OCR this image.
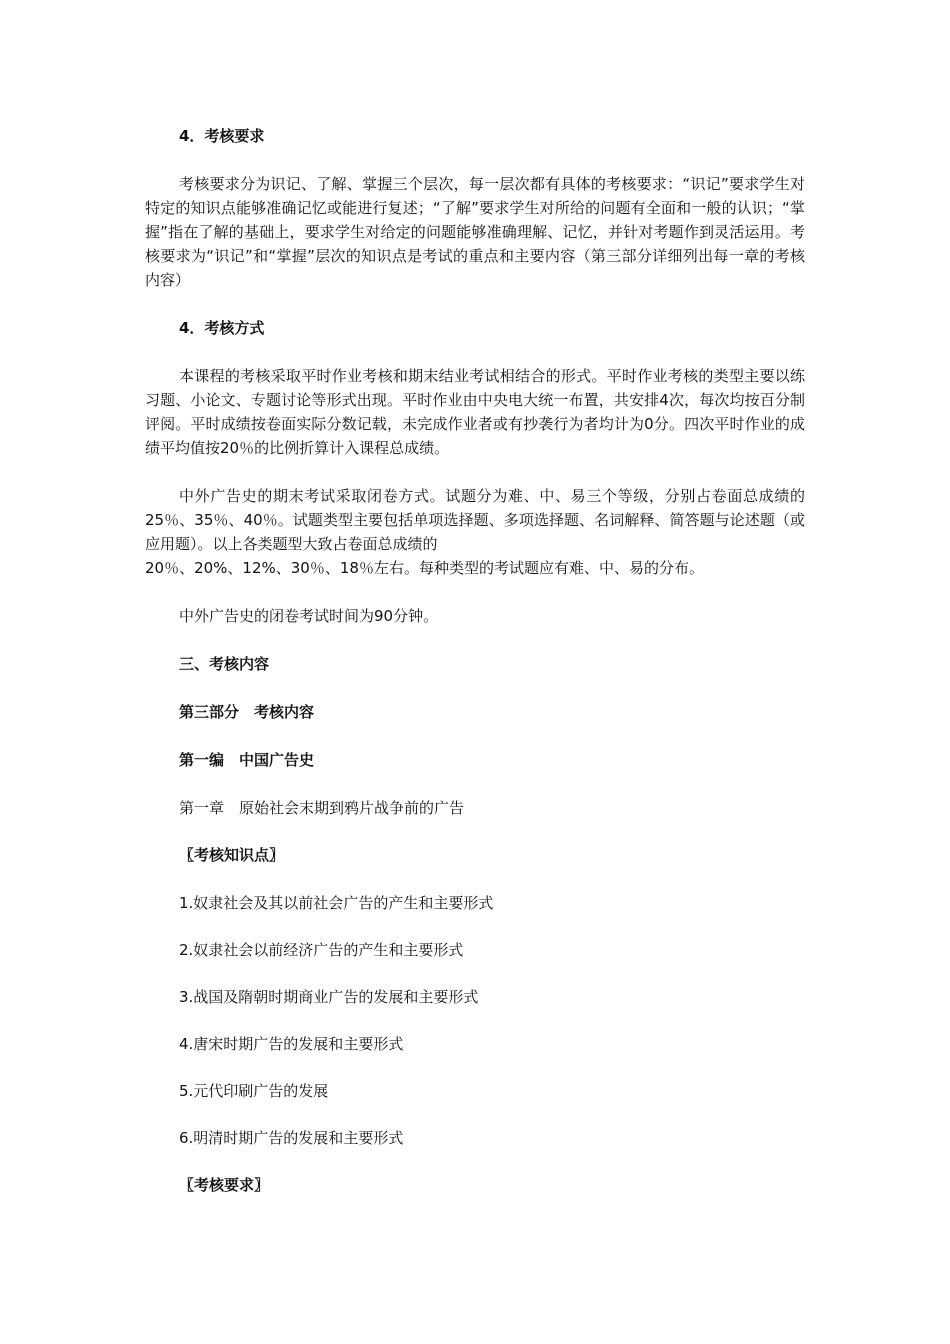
4．考核要求

考核要求分为识记、了解、掌握三个层次，每一层次都有具体的考核要求：“识记”要求学生对特定的知识点能够准确记忆或能进行复述；“了解”要求学生对所给的问题有全面和一般的认识；“掌握”指在了解的基础上，要求学生对给定的问题能够准确理解、记忆，并针对考题作到灵活运用。考核要求为“识记”和“掌握”层次的知识点是考试的重点和主要内容（第三部分详细列出每一章的考核内容）

4．考核方式

本课程的考核采取平时作业考核和期末结业考试相结合的形式。平时作业考核的类型主要以练习题、小论文、专题讨论等形式出现。平时作业由中央电大统一布置，共安排4次，每次均按百分制评阅。平时成绩按卷面实际分数记载，未完成作业者或有抄袭行为者均计为0分。四次平时作业的成绩平均值按20％的比例折算计入课程总成绩。

中外广告史的期末考试采取闭卷方式。试题分为难、中、易三个等级，分别占卷面总成绩的25％、35％、40％。试题类型主要包括单项选择题、多项选择题、名词解释、简答题与论述题（或应用题）。以上各类题型大致占卷面总成绩的
20％、20%、12%、30％、18％左右。每种类型的考试题应有难、中、易的分布。

中外广告史的闭卷考试时间为90分钟。

三、考核内容
第三部分　考核内容
第一编　中国广告史
第一章　原始社会末期到鸦片战争前的广告
〖考核知识点〗
1.奴隶社会及其以前社会广告的产生和主要形式
2.奴隶社会以前经济广告的产生和主要形式
3.战国及隋朝时期商业广告的发展和主要形式
4.唐宋时期广告的发展和主要形式
5.元代印刷广告的发展
6.明清时期广告的发展和主要形式
〖考核要求〗
